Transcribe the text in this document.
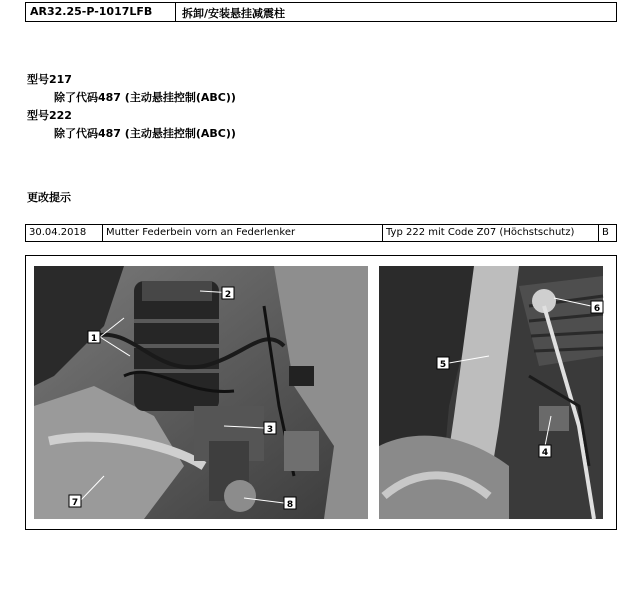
AR32.25-P-1017LFB	拆卸/安装悬挂减震柱
型号217
除了代码487 (主动悬挂控制(ABC))
型号222
除了代码487 (主动悬挂控制(ABC))
更改提示
30.04.2018	Mutter Federbein vorn an Federlenker	Typ 222 mit Code Z07 (Höchstschutz)	B
2
1
3
7	8
5
6
4
